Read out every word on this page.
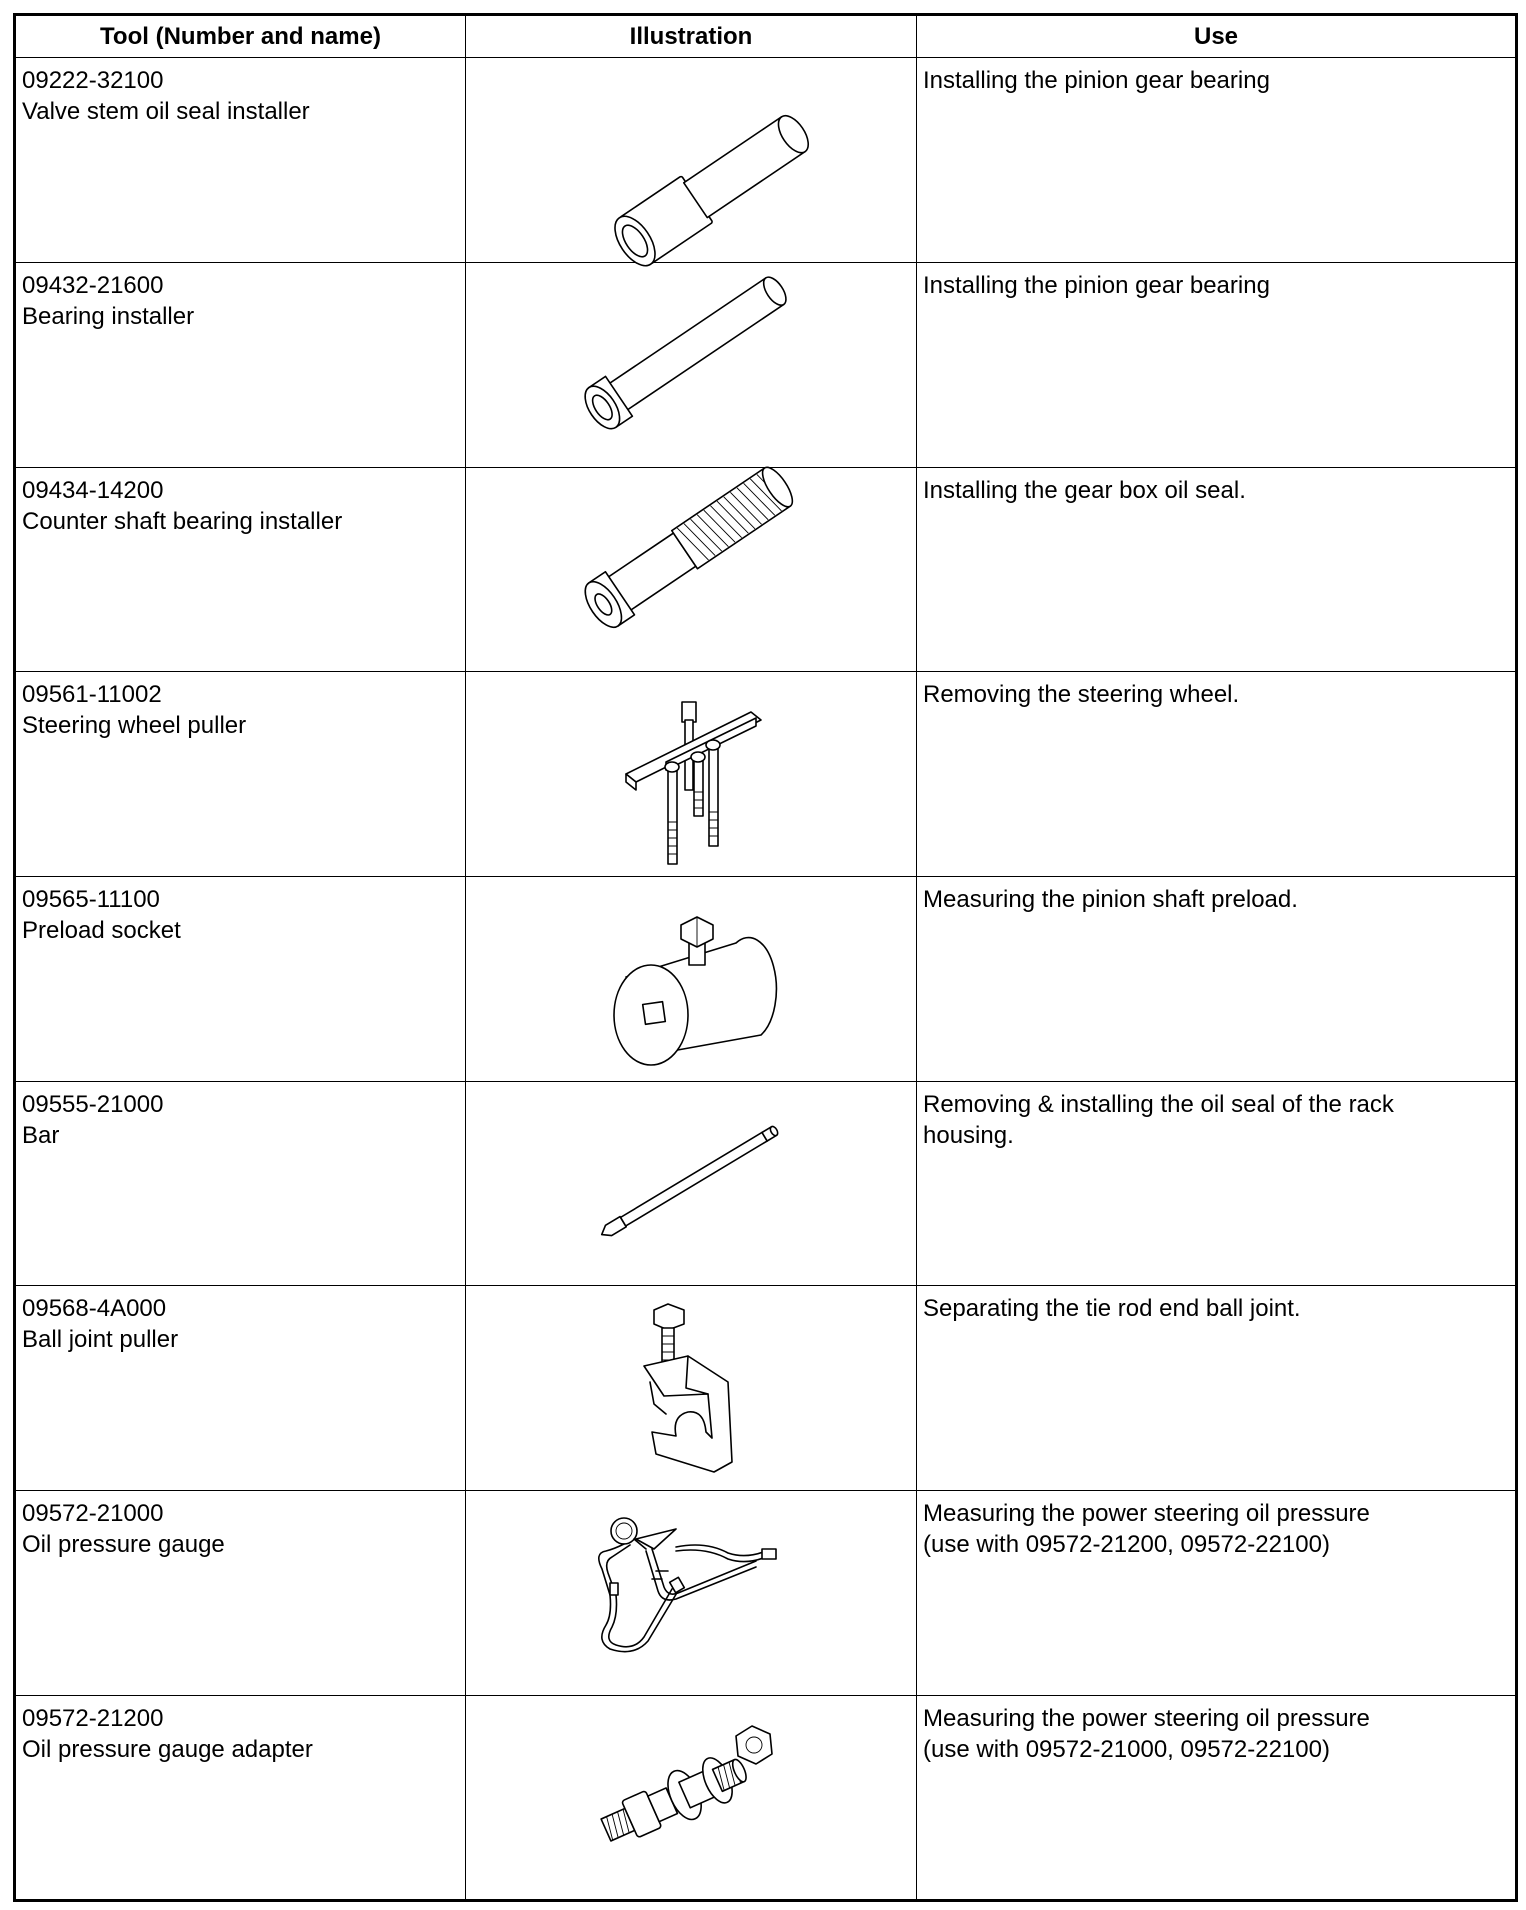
Tool (Number and name)	Illustration	Use

09222-32100
Valve stem oil seal installer		Installing the pinion gear bearing

09432-21600
Bearing installer		Installing the pinion gear bearing

09434-14200
Counter shaft bearing installer		Installing the gear box oil seal.

09561-11002
Steering wheel puller		Removing the steering wheel.

09565-11100
Preload socket		Measuring the pinion shaft preload.

09555-21000
Bar		Removing & installing the oil seal of the rack
housing.

09568-4A000
Ball joint puller		Separating the tie rod end ball joint.

09572-21000
Oil pressure gauge		Measuring the power steering oil pressure
(use with 09572-21200, 09572-22100)

09572-21200
Oil pressure gauge adapter		Measuring the power steering oil pressure
(use with 09572-21000, 09572-22100)
